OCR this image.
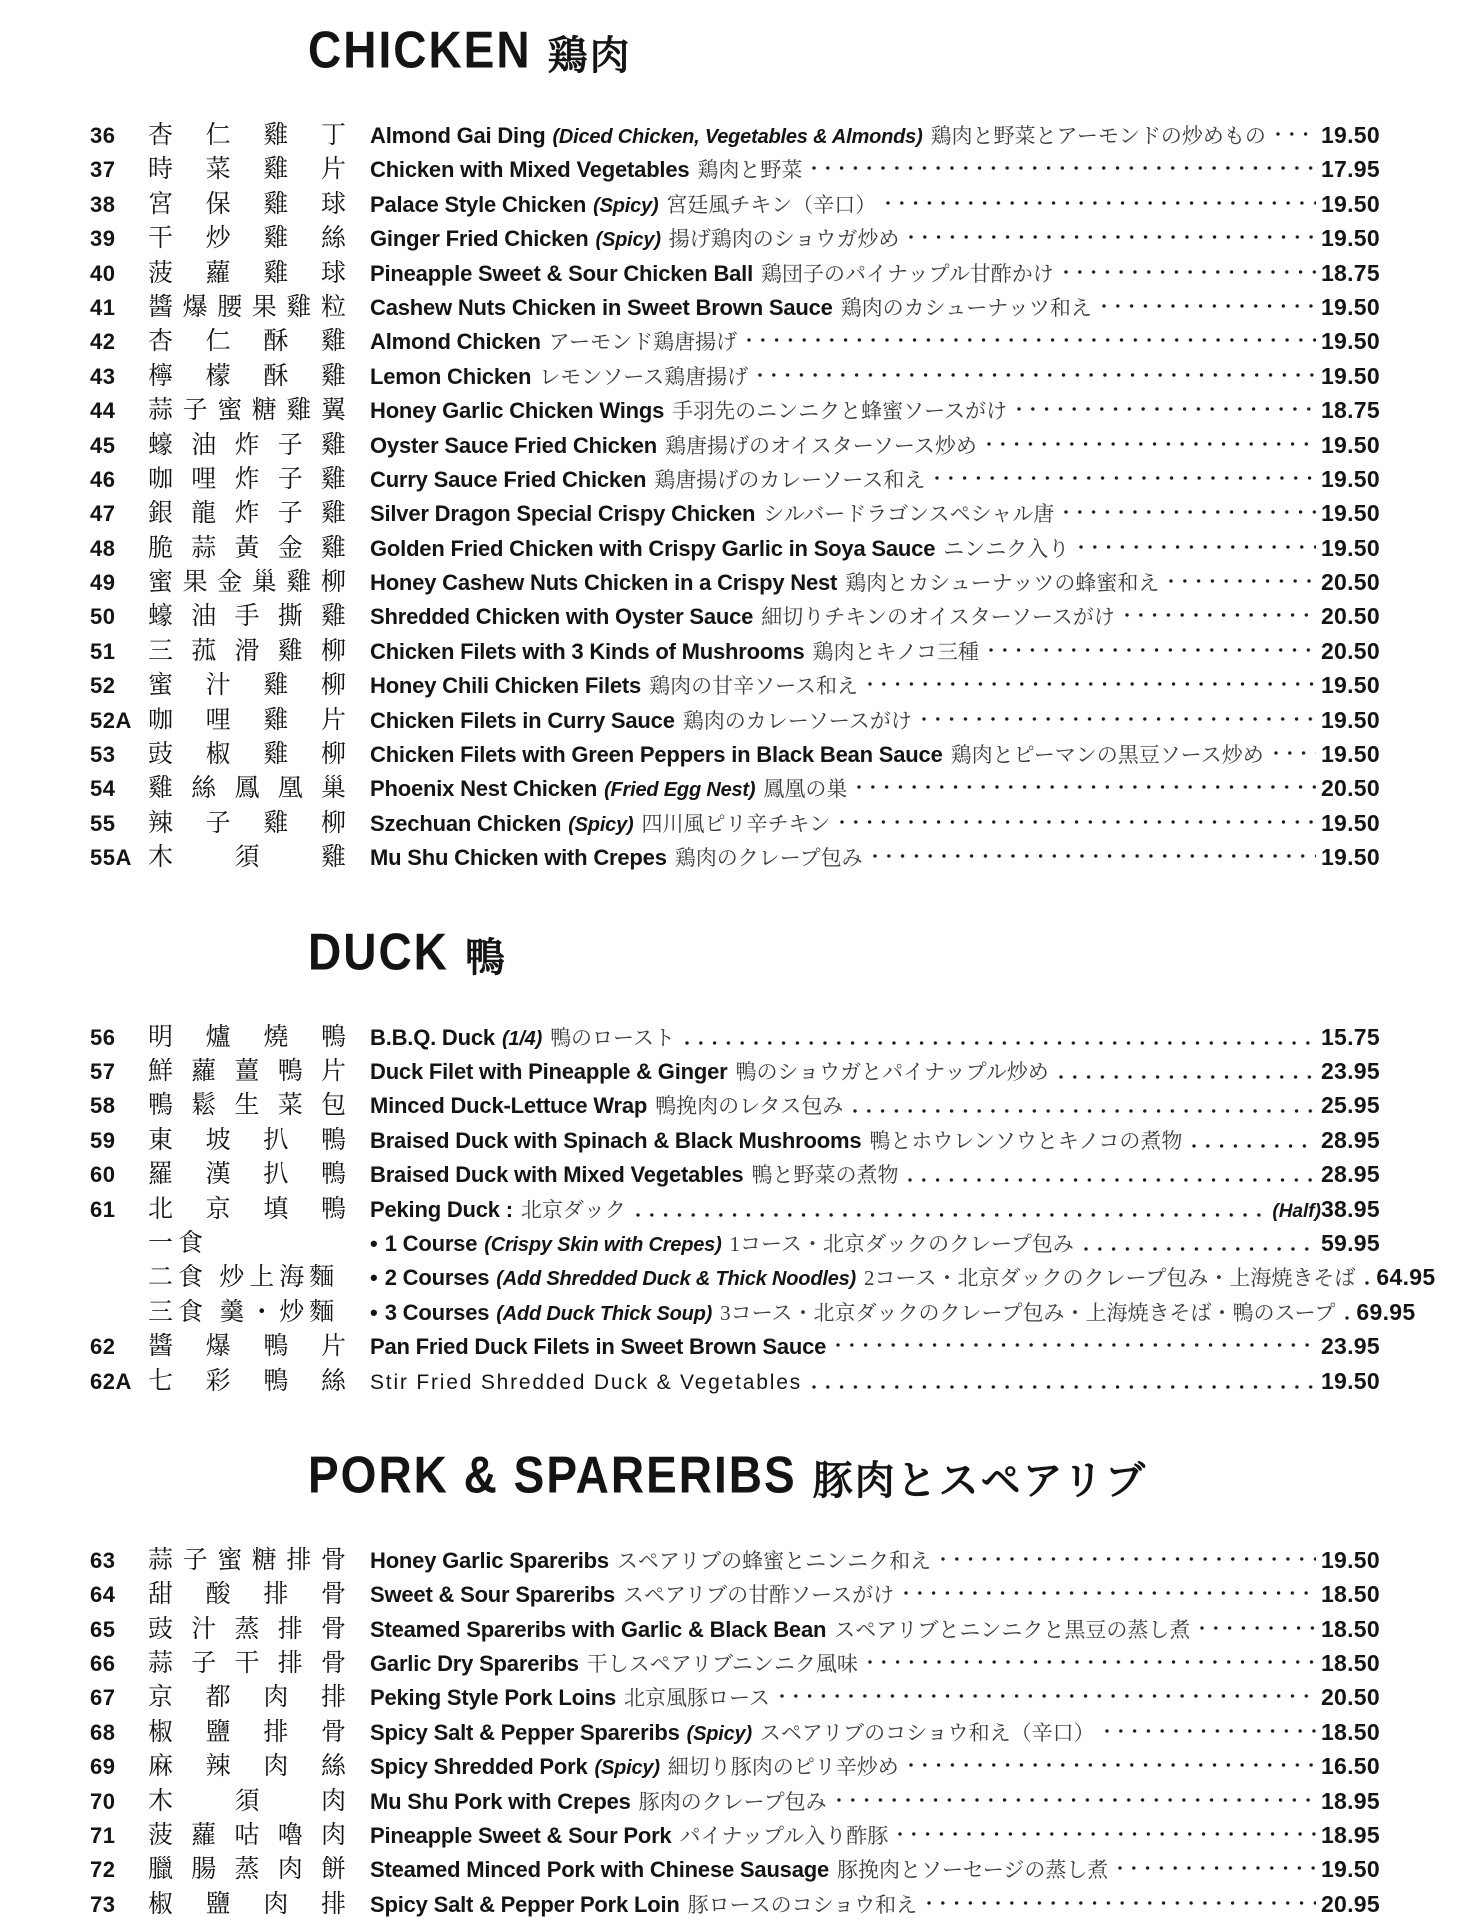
CHICKEN 鶏肉
36	杏仁雞丁 Almond Gai Ding (Diced Chicken, Vegetables & Almonds) 鶏肉と野菜とアーモンドの炒めもの 19.50
37	時菜雞片 Chicken with Mixed Vegetables 鶏肉と野菜	17.95
38	宮保雞球 Palace Style Chicken (Spicy) 宮廷風チキン（辛口）	19.50
39	干炒雞絲 Ginger Fried Chicken (Spicy) 揚げ鶏肉のショウガ炒め	19.50
40	菠蘿雞球 Pineapple Sweet & Sour Chicken Ball 鶏団子のパイナップル甘酢かけ	18.75
41	醬爆腰果雞粒 Cashew Nuts Chicken in Sweet Brown Sauce 鶏肉のカシューナッツ和え	19.50
42	杏仁酥雞 Almond Chicken アーモンド鶏唐揚げ	19.50
43	檸檬酥雞 Lemon Chicken レモンソース鶏唐揚げ	19.50
44	蒜子蜜糖雞翼 Honey Garlic Chicken Wings 手羽先のニンニクと蜂蜜ソースがけ	18.75
45	蠔油炸子雞 Oyster Sauce Fried Chicken 鶏唐揚げのオイスターソース炒め	19.50
46	咖哩炸子雞 Curry Sauce Fried Chicken 鶏唐揚げのカレーソース和え	19.50
47	銀龍炸子雞 Silver Dragon Special Crispy Chicken シルバードラゴンスペシャル唐	19.50
48	脆蒜黃金雞 Golden Fried Chicken with Crispy Garlic in Soya Sauce ニンニク入り	19.50
49	蜜果金巢雞柳 Honey Cashew Nuts Chicken in a Crispy Nest 鶏肉とカシューナッツの蜂蜜和え	20.50
50	蠔油手撕雞 Shredded Chicken with Oyster Sauce 細切りチキンのオイスターソースがけ	20.50
51	三菰滑雞柳 Chicken Filets with 3 Kinds of Mushrooms 鶏肉とキノコ三種	20.50
52	蜜汁雞柳 Honey Chili Chicken Filets 鶏肉の甘辛ソース和え	19.50
52A 咖哩雞片 Chicken Filets in Curry Sauce 鶏肉のカレーソースがけ	19.50
53	豉椒雞柳 Chicken Filets with Green Peppers in Black Bean Sauce 鶏肉とピーマンの黒豆ソース炒め 19.50
54	雞絲鳳凰巢 Phoenix Nest Chicken (Fried Egg Nest) 鳳凰の巣	20.50
55	辣子雞柳 Szechuan Chicken (Spicy) 四川風ピリ辛チキン	19.50
55A 木須雞 Mu Shu Chicken with Crepes 鶏肉のクレープ包み	19.50
DUCK 鴨
56	明爐燒鴨 B.B.Q. Duck (1/4) 鴨のロースト	15.75
57	鮮蘿薑鴨片 Duck Filet with Pineapple & Ginger 鴨のショウガとパイナップル炒め	23.95
58	鴨鬆生菜包 Minced Duck-Lettuce Wrap 鴨挽肉のレタス包み	25.95
59	東坡扒鴨 Braised Duck with Spinach & Black Mushrooms 鴨とホウレンソウとキノコの煮物	28.95
60	羅漢扒鴨 Braised Duck with Mixed Vegetables 鴨と野菜の煮物	28.95
61	北京填鴨 Peking Duck : 北京ダック	(Half)38.95
一食	• 1 Course (Crispy Skin with Crepes) 1コース・北京ダックのクレープ包み	59.95
二食 炒上海麵	• 2 Courses (Add Shredded Duck & Thick Noodles) 2コース・北京ダックのクレープ包み・上海焼きそば 64.95
三食 羹・炒麵	• 3 Courses (Add Duck Thick Soup) 3コース・北京ダックのクレープ包み・上海焼きそば・鴨のスープ 69.95
62	醬爆鴨片 Pan Fried Duck Filets in Sweet Brown Sauce	23.95
62A 七彩鴨絲 Stir Fried Shredded Duck & Vegetables	19.50
PORK & SPARERIBS 豚肉とスペアリブ
63	蒜子蜜糖排骨 Honey Garlic Spareribs スペアリブの蜂蜜とニンニク和え	19.50
64	甜酸排骨 Sweet & Sour Spareribs スペアリブの甘酢ソースがけ	18.50
65	豉汁蒸排骨 Steamed Spareribs with Garlic & Black Bean スペアリブとニンニクと黒豆の蒸し煮	18.50
66	蒜子干排骨 Garlic Dry Spareribs 干しスペアリブニンニク風味	18.50
67	京都肉排 Peking Style Pork Loins 北京風豚ロース	20.50
68	椒鹽排骨 Spicy Salt & Pepper Spareribs (Spicy) スペアリブのコショウ和え（辛口）	18.50
69	麻辣肉絲 Spicy Shredded Pork (Spicy) 細切り豚肉のピリ辛炒め	16.50
70	木須肉 Mu Shu Pork with Crepes 豚肉のクレープ包み	18.95
71	菠蘿咕嚕肉 Pineapple Sweet & Sour Pork パイナップル入り酢豚	18.95
72	臘腸蒸肉餅 Steamed Minced Pork with Chinese Sausage 豚挽肉とソーセージの蒸し煮	19.50
73	椒鹽肉排 Spicy Salt & Pepper Pork Loin 豚ロースのコショウ和え	20.95
